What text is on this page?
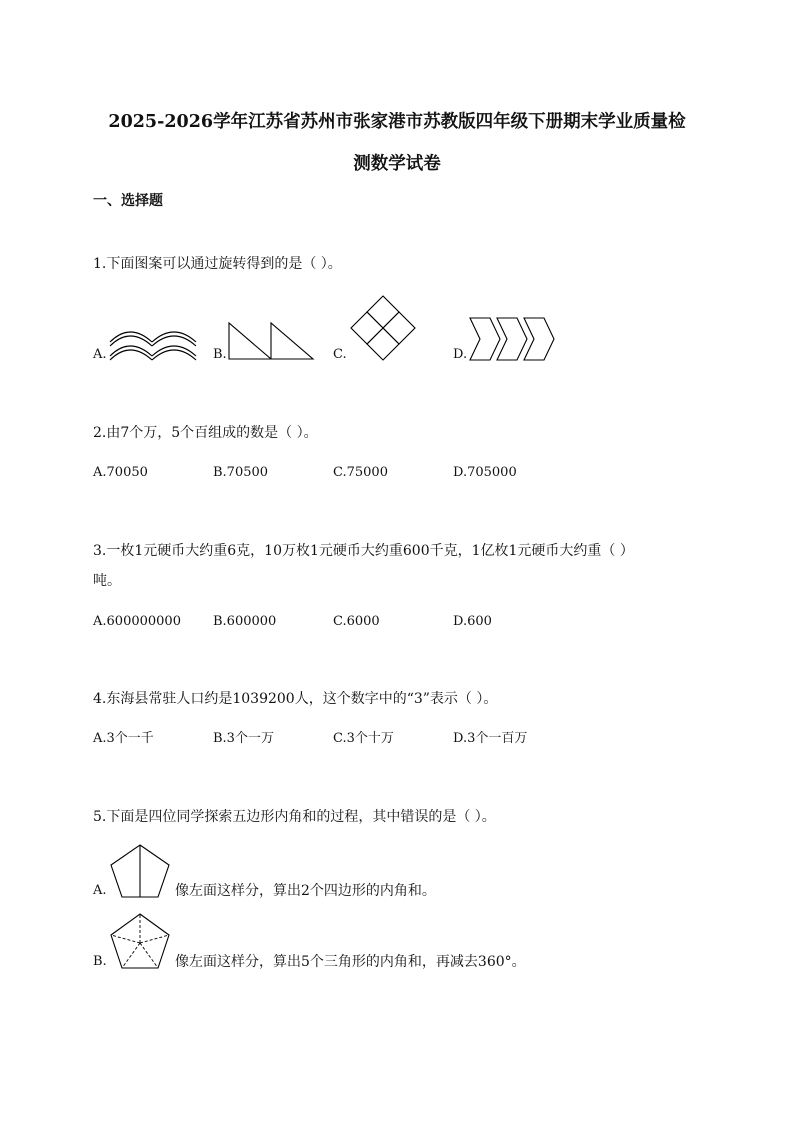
2025-2026学年江苏省苏州市张家港市苏教版四年级下册期末学业质量检
测数学试卷
一、选择题
1.下面图案可以通过旋转得到的是（ ）。
A.	B.	C.	D.
2.由7个万，5个百组成的数是（ ）。
A.70050	B.70500	C.75000	D.705000
3.一枚1元硬币大约重6克，10万枚1元硬币大约重600千克，1亿枚1元硬币大约重（ ）
吨。
A.600000000 B.600000	C.6000	D.600
4.东海县常驻人口约是1039200人，这个数字中的“3”表示（ ）。
A.3个一千	B.3个一万	C.3个十万	D.3个一百万
5.下面是四位同学探索五边形内角和的过程，其中错误的是（ ）。
A.	像左面这样分，算出2个四边形的内角和。
B.	像左面这样分，算出5个三角形的内角和，再减去360°。
